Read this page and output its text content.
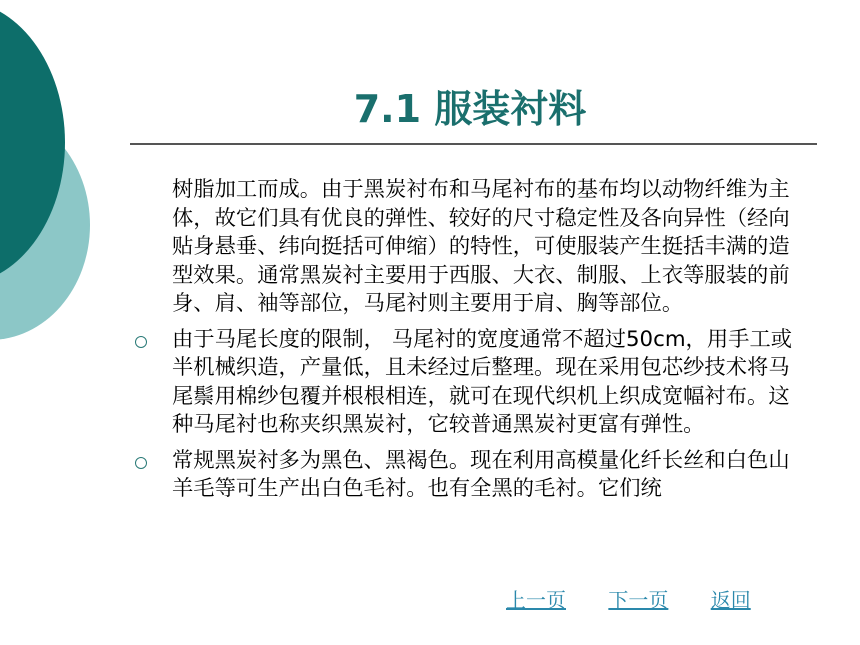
7.1 服装衬料
树脂加工而成。由于黑炭衬布和马尾衬布的基布均以动物纤维为主体，故它们具有优良的弹性、较好的尺寸稳定性及各向异性（经向贴身悬垂、纬向挺括可伸缩）的特性，可使服装产生挺括丰满的造型效果。通常黑炭衬主要用于西服、大衣、制服、上衣等服装的前身、肩、袖等部位，马尾衬则主要用于肩、胸等部位。
由于马尾长度的限制， 马尾衬的宽度通常不超过50cm，用手工或半机械织造，产量低，且未经过后整理。现在采用包芯纱技术将马尾鬃用棉纱包覆并根根相连，就可在现代织机上织成宽幅衬布。这种马尾衬也称夹织黑炭衬，它较普通黑炭衬更富有弹性。
常规黑炭衬多为黑色、黑褐色。现在利用高模量化纤长丝和白色山羊毛等可生产出白色毛衬。也有全黑的毛衬。它们统
上一页 下一页 返回
